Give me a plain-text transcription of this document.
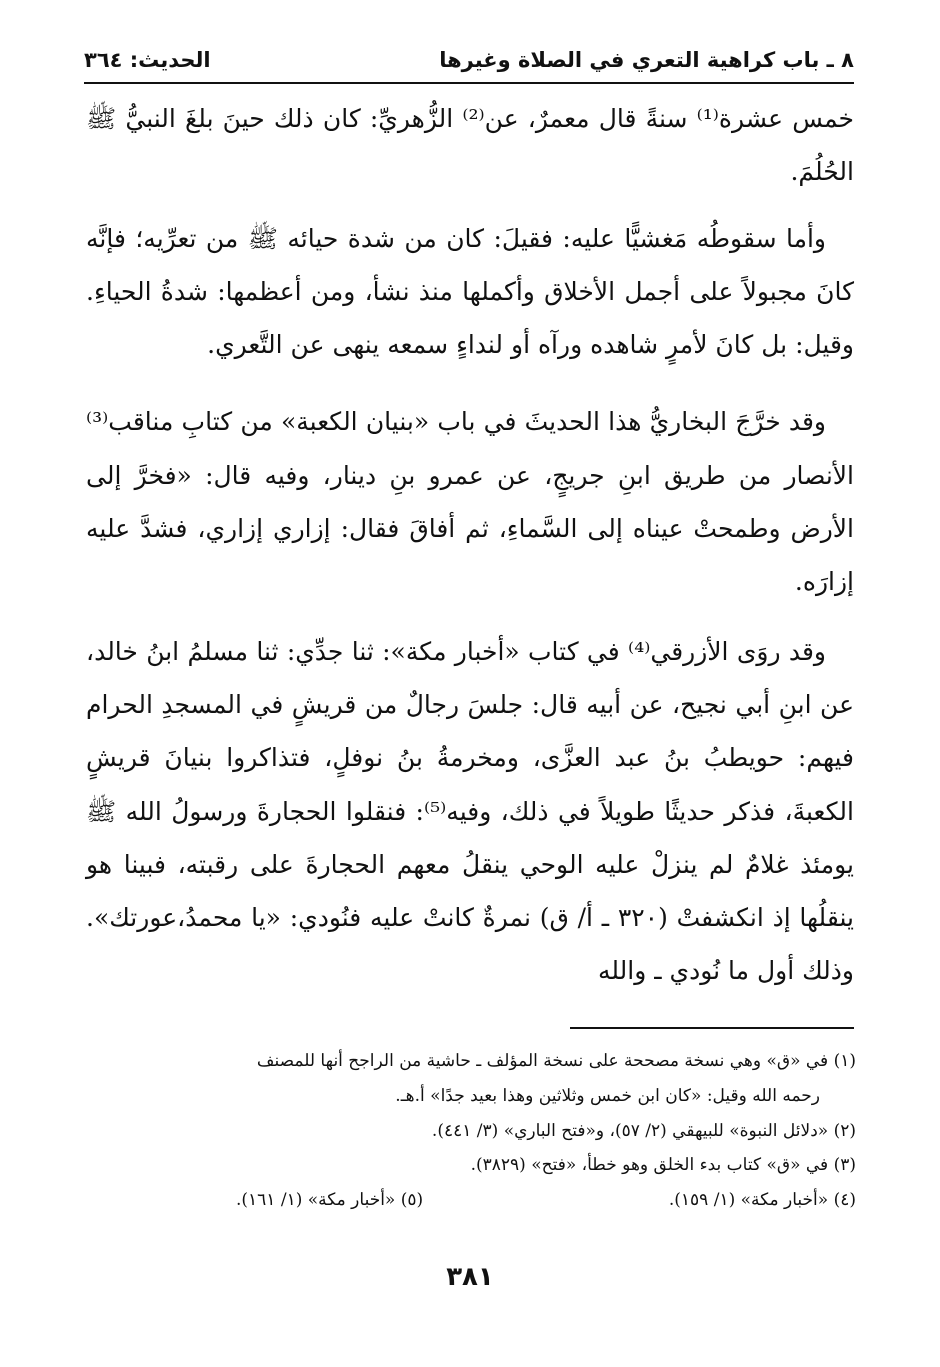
٨ ـ باب كراهية التعري في الصلاة وغيرها
الحديث: ٣٦٤

خمس عشرة⁽¹⁾ سنةً قال معمرٌ، عن⁽²⁾ الزُّهريِّ: كان ذلك حينَ بلغَ النبيُّ ﷺ الحُلُمَ.

وأما سقوطُه مَغشيًّا عليه: فقيلَ: كان من شدة حيائه ﷺ من تعرِّيه؛ فإنَّه كانَ مجبولاً على أجمل الأخلاق وأكملها منذ نشأ، ومن أعظمها: شدةُ الحياءِ. وقيل: بل كانَ لأمرٍ شاهده ورآه أو لنداءٍ سمعه ينهى عن التَّعري.

وقد خرَّجَ البخاريُّ هذا الحديثَ في باب «بنيان الكعبة» من كتابِ مناقب⁽³⁾ الأنصار من طريق ابنِ جريجٍ، عن عمرو بنِ دينار، وفيه قال: «فخرَّ إلى الأرض وطمحتْ عيناه إلى السَّماءِ، ثم أفاقَ فقال: إزاري إزاري، فشدَّ عليه إزارَه.

وقد روَى الأزرقي⁽⁴⁾ في كتاب «أخبار مكة»: ثنا جدِّي: ثنا مسلمُ ابنُ خالد، عن ابنِ أبي نجيح، عن أبيه قال: جلسَ رجالٌ من قريشٍ في المسجدِ الحرام فيهم: حويطبُ بنُ عبد العزَّى، ومخرمةُ بنُ نوفلٍ، فتذاكروا بنيانَ قريشٍ الكعبةَ، فذكر حديثًا طويلاً في ذلك، وفيه⁽⁵⁾: فنقلوا الحجارةَ ورسولُ الله ﷺ يومئذ غلامٌ لم ينزلْ عليه الوحي ينقلُ معهم الحجارةَ على رقبته، فبينا هو ينقلُها إذ انكشفتْ (٣٢٠ ـ أ/ ق) نمرةٌ كانتْ عليه فنُودي: «يا محمدُ،عورتك». وذلك أول ما نُودي ـ والله

(١) في «ق» وهي نسخة مصححة على نسخة المؤلف ـ حاشية من الراجح أنها للمصنف

رحمه الله وقيل: «كان ابن خمس وثلاثين وهذا بعيد جدًا» أ.هـ.

(٢) «دلائل النبوة» للبيهقي (٢/ ٥٧)، و«فتح الباري» (٣/ ٤٤١).

(٣) في «ق» كتاب بدء الخلق وهو خطأ، «فتح» (٣٨٢٩).

(٤) «أخبار مكة» (١/ ١٥٩).
(٥) «أخبار مكة» (١/ ١٦١).
٣٨١
